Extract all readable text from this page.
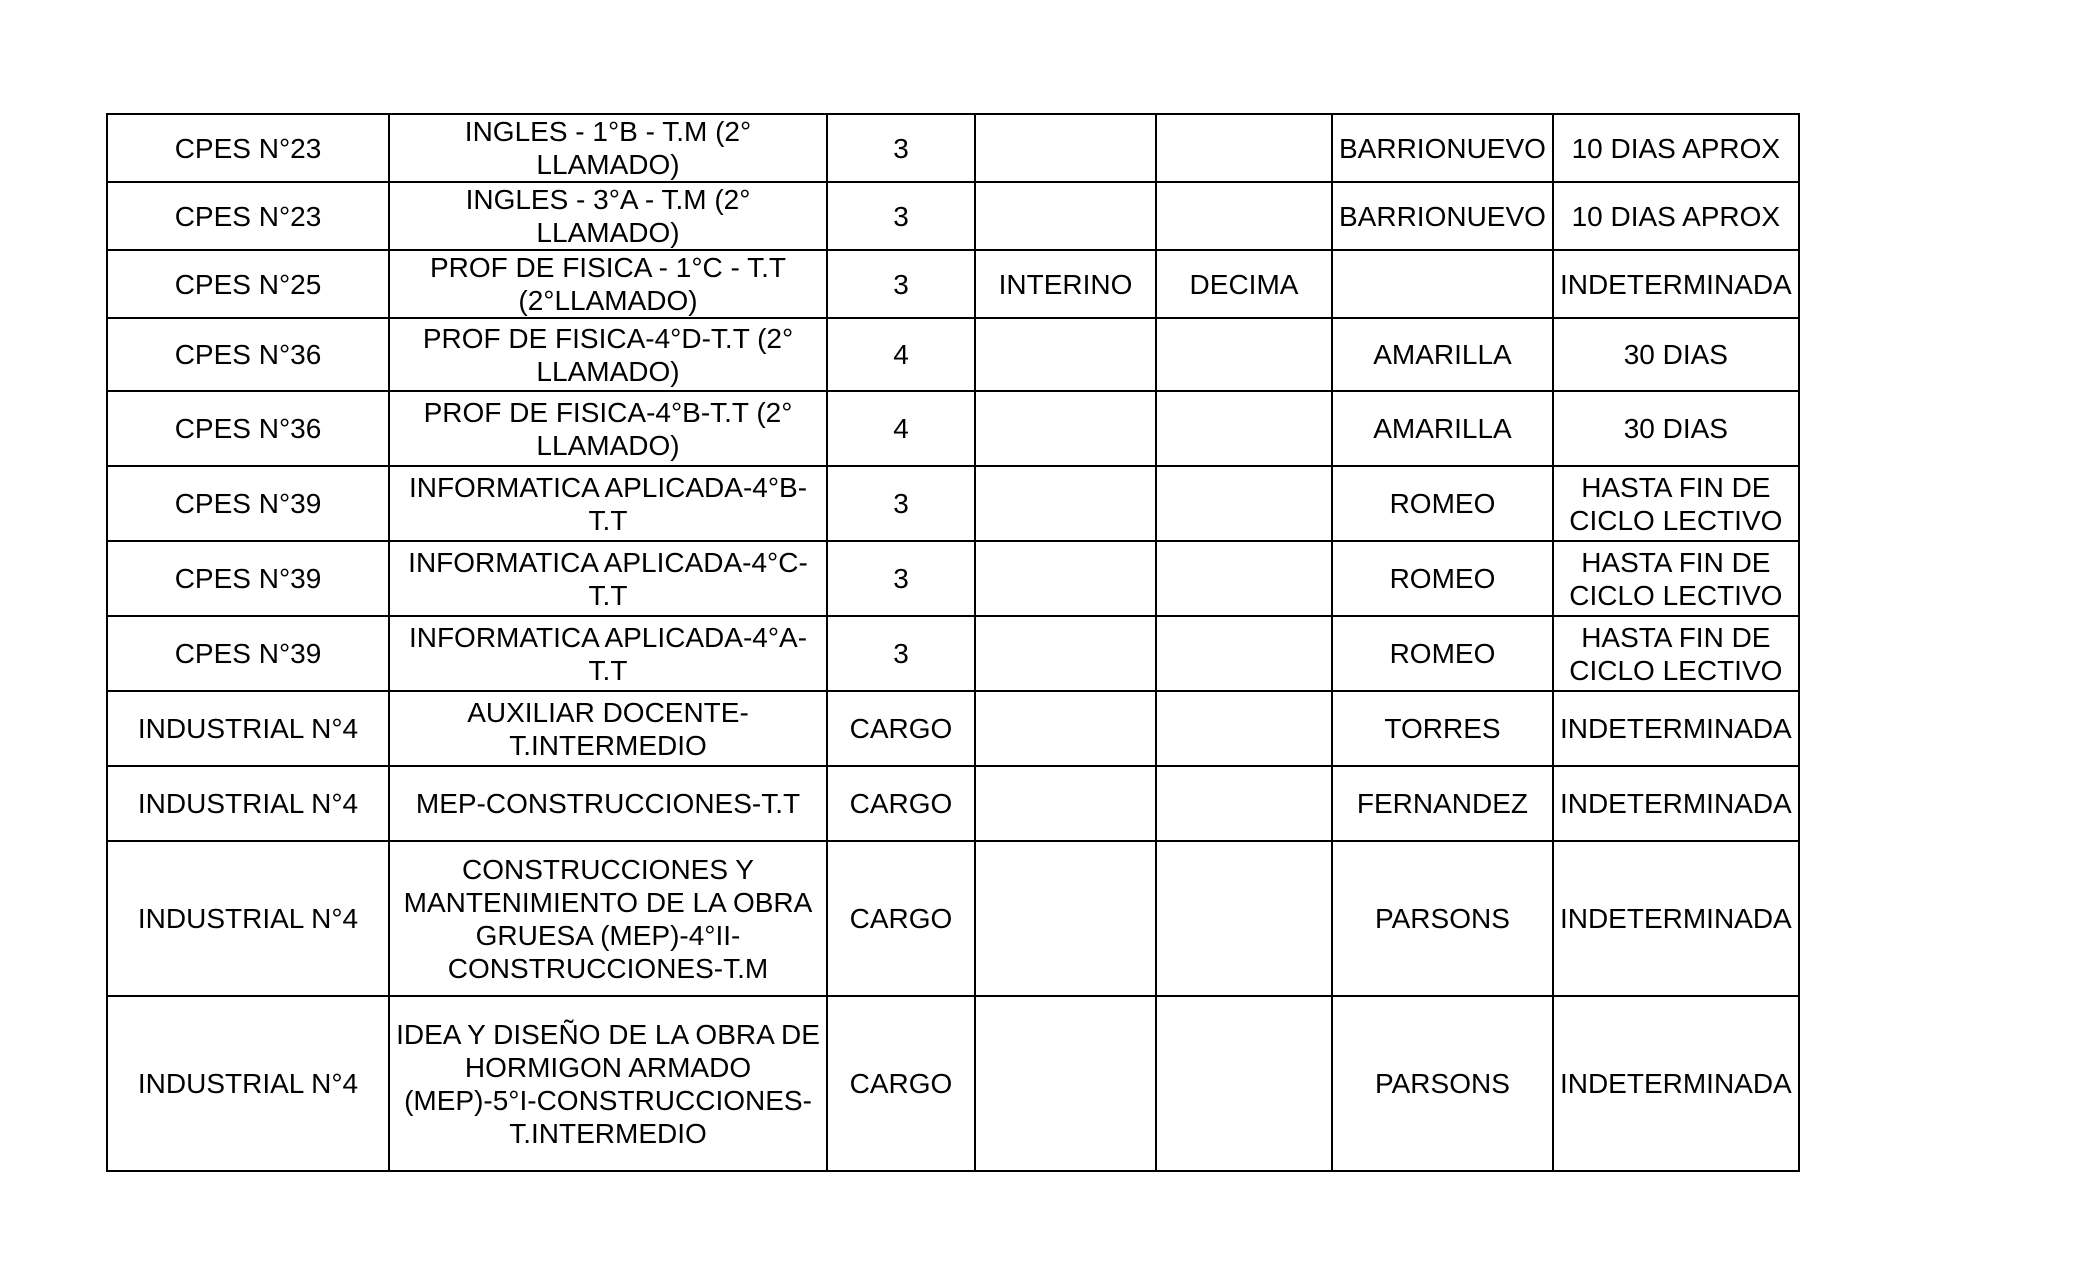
CPES N°23	INGLES - 1°B - T.M (2° LLAMADO)	3			BARRIONUEVO	10 DIAS APROX
CPES N°23	INGLES - 3°A - T.M (2° LLAMADO)	3			BARRIONUEVO	10 DIAS APROX
CPES N°25	PROF DE FISICA - 1°C - T.T (2°LLAMADO)	3	INTERINO	DECIMA		INDETERMINADA
CPES N°36	PROF DE FISICA-4°D-T.T (2° LLAMADO)	4			AMARILLA	30 DIAS
CPES N°36	PROF DE FISICA-4°B-T.T (2° LLAMADO)	4			AMARILLA	30 DIAS
CPES N°39	INFORMATICA APLICADA-4°B-T.T	3			ROMEO	HASTA FIN DE CICLO LECTIVO
CPES N°39	INFORMATICA APLICADA-4°C-T.T	3			ROMEO	HASTA FIN DE CICLO LECTIVO
CPES N°39	INFORMATICA APLICADA-4°A-T.T	3			ROMEO	HASTA FIN DE CICLO LECTIVO
INDUSTRIAL N°4	AUXILIAR DOCENTE-T.INTERMEDIO	CARGO			TORRES	INDETERMINADA
INDUSTRIAL N°4	MEP-CONSTRUCCIONES-T.T	CARGO			FERNANDEZ	INDETERMINADA
INDUSTRIAL N°4	CONSTRUCCIONES Y MANTENIMIENTO DE LA OBRA GRUESA (MEP)-4°II-CONSTRUCCIONES-T.M	CARGO			PARSONS	INDETERMINADA
INDUSTRIAL N°4	IDEA Y DISEÑO DE LA OBRA DE HORMIGON ARMADO (MEP)-5°I-CONSTRUCCIONES-T.INTERMEDIO	CARGO			PARSONS	INDETERMINADA
